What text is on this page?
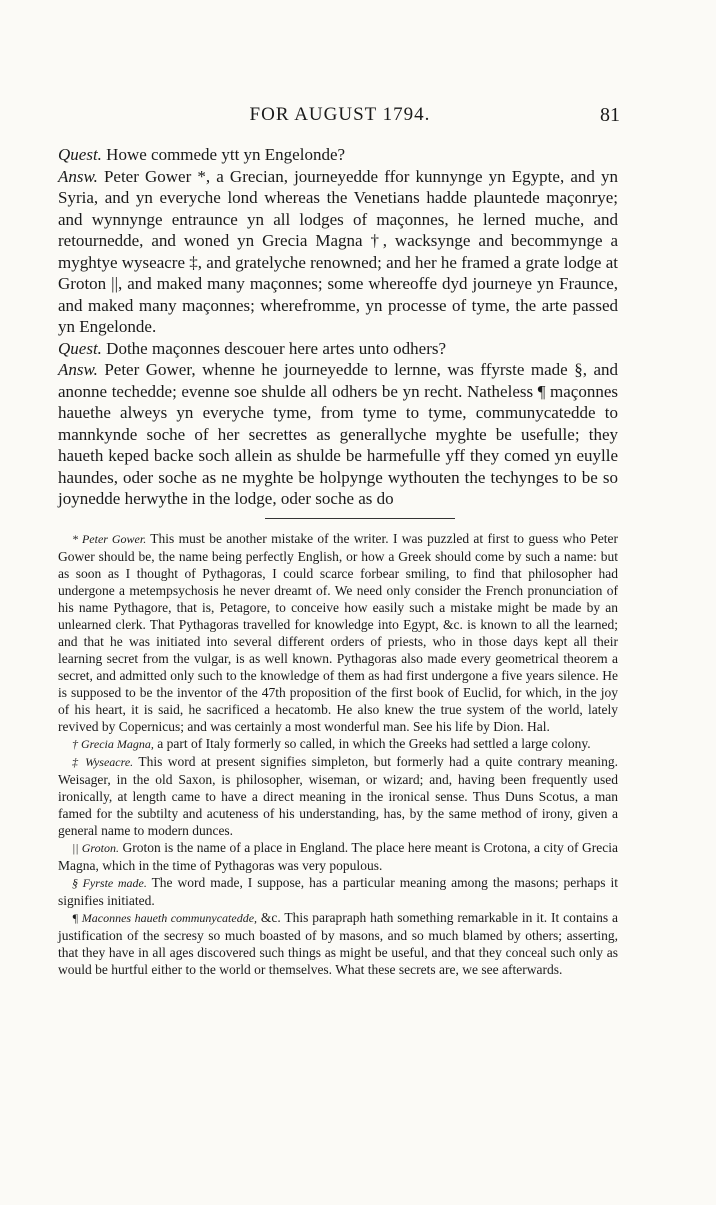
FOR AUGUST 1794.	81

Quest. Howe commede ytt yn Engelonde?

Answ. Peter Gower *, a Grecian, journeyedde ffor kunnynge yn Egypte, and yn Syria, and yn everyche lond whereas the Venetians hadde plauntede maçonrye; and wynnynge entraunce yn all lodges of maçonnes, he lerned muche, and retournedde, and woned yn Grecia Magna †, wacksynge and becommynge a myghtye wyseacre ‡, and gratelyche renowned; and her he framed a grate lodge at Groton ||, and maked many maçonnes; some whereoffe dyd journeye yn Fraunce, and maked many maçonnes; wherefromme, yn processe of tyme, the arte passed yn Engelonde.

Quest. Dothe maçonnes descouer here artes unto odhers?

Answ. Peter Gower, whenne he journeyedde to lernne, was ffyrste made §, and anonne techedde; evenne soe shulde all odhers be yn recht. Natheless ¶ maçonnes hauethe alweys yn everyche tyme, from tyme to tyme, communycatedde to mannkynde soche of her secrettes as generallyche myghte be usefulle; they haueth keped backe soch allein as shulde be harmefulle yff they comed yn euylle haundes, oder soche as ne myghte be holpynge wythouten the techynges to be so joynedde herwythe in the lodge, oder soche as do

* Peter Gower. This must be another mistake of the writer. I was puzzled at first to guess who Peter Gower should be, the name being perfectly English, or how a Greek should come by such a name: but as soon as I thought of Pythagoras, I could scarce forbear smiling, to find that philosopher had undergone a metempsychosis he never dreamt of. We need only consider the French pronunciation of his name Pythagore, that is, Petagore, to conceive how easily such a mistake might be made by an unlearned clerk. That Pythagoras travelled for knowledge into Egypt, &c. is known to all the learned; and that he was initiated into several different orders of priests, who in those days kept all their learning secret from the vulgar, is as well known. Pythagoras also made every geometrical theorem a secret, and admitted only such to the knowledge of them as had first undergone a five years silence. He is supposed to be the inventor of the 47th proposition of the first book of Euclid, for which, in the joy of his heart, it is said, he sacrificed a hecatomb. He also knew the true system of the world, lately revived by Copernicus; and was certainly a most wonderful man. See his life by Dion. Hal.

† Grecia Magna, a part of Italy formerly so called, in which the Greeks had settled a large colony.

‡ Wyseacre. This word at present signifies simpleton, but formerly had a quite contrary meaning. Weisager, in the old Saxon, is philosopher, wiseman, or wizard; and, having been frequently used ironically, at length came to have a direct meaning in the ironical sense. Thus Duns Scotus, a man famed for the subtilty and acuteness of his understanding, has, by the same method of irony, given a general name to modern dunces.

|| Groton. Groton is the name of a place in England. The place here meant is Crotona, a city of Grecia Magna, which in the time of Pythagoras was very populous.

§ Fyrste made. The word made, I suppose, has a particular meaning among the masons; perhaps it signifies initiated.

¶ Maconnes haueth communycatedde, &c. This parapraph hath something remarkable in it. It contains a justification of the secresy so much boasted of by masons, and so much blamed by others; asserting, that they have in all ages discovered such things as might be useful, and that they conceal such only as would be hurtful either to the world or themselves. What these secrets are, we see afterwards.
